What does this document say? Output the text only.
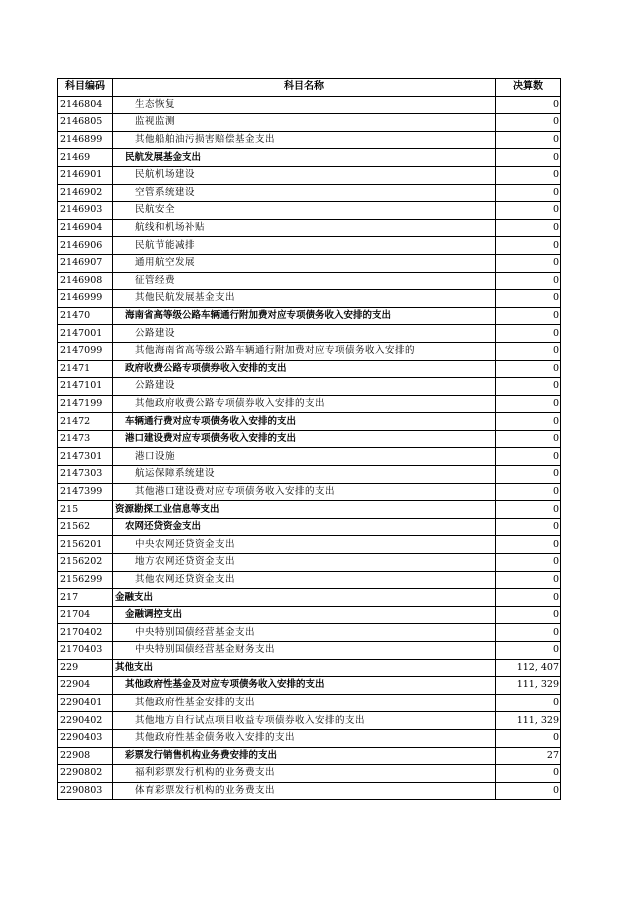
科目编码	科目名称	决算数
2146804	生态恢复	0
2146805	监视监测	0
2146899	其他船舶油污损害赔偿基金支出	0
21469	民航发展基金支出	0
2146901	民航机场建设	0
2146902	空管系统建设	0
2146903	民航安全	0
2146904	航线和机场补贴	0
2146906	民航节能减排	0
2146907	通用航空发展	0
2146908	征管经费	0
2146999	其他民航发展基金支出	0
21470	海南省高等级公路车辆通行附加费对应专项债务收入安排的支出	0
2147001	公路建设	0
2147099	其他海南省高等级公路车辆通行附加费对应专项债务收入安排的	0
21471	政府收费公路专项债券收入安排的支出	0
2147101	公路建设	0
2147199	其他政府收费公路专项债券收入安排的支出	0
21472	车辆通行费对应专项债务收入安排的支出	0
21473	港口建设费对应专项债务收入安排的支出	0
2147301	港口设施	0
2147303	航运保障系统建设	0
2147399	其他港口建设费对应专项债务收入安排的支出	0
215	资源勘探工业信息等支出	0
21562	农网还贷资金支出	0
2156201	中央农网还贷资金支出	0
2156202	地方农网还贷资金支出	0
2156299	其他农网还贷资金支出	0
217	金融支出	0
21704	金融调控支出	0
2170402	中央特别国债经营基金支出	0
2170403	中央特别国债经营基金财务支出	0
229	其他支出	112, 407
22904	其他政府性基金及对应专项债务收入安排的支出	111, 329
2290401	其他政府性基金安排的支出	0
2290402	其他地方自行试点项目收益专项债券收入安排的支出	111, 329
2290403	其他政府性基金债务收入安排的支出	0
22908	彩票发行销售机构业务费安排的支出	27
2290802	福利彩票发行机构的业务费支出	0
2290803	体育彩票发行机构的业务费支出	0
